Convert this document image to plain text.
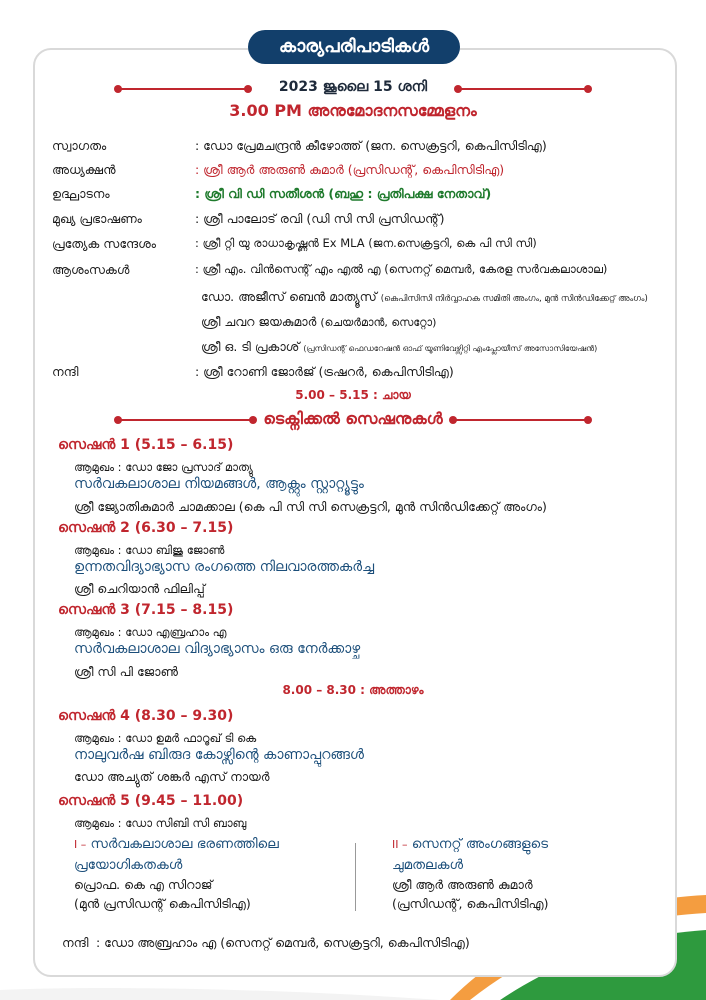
കാര്യപരിപാടികൾ
2023 ജൂലൈ 15 ശനി
3.00 PM അനുമോദനസമ്മേളനം
സ്വാഗതം	: ഡോ പ്രേമചന്ദ്രൻ കീഴോത്ത് (ജന. സെക്രട്ടറി, കെപിസിടിഎ)
അധ്യക്ഷൻ	: ശ്രീ ആർ അരുൺ കുമാർ (പ്രസിഡന്റ്, കെപിസിടിഎ)
ഉദ്ഘാടനം	: ശ്രീ വി ഡി സതീശൻ (ബഹു : പ്രതിപക്ഷ നേതാവ്)
മുഖ്യ പ്രഭാഷണം	: ശ്രീ പാലോട് രവി (ഡി സി സി പ്രസിഡന്റ്)
പ്രത്യേക സന്ദേശം	: ശ്രീ റ്റി യു രാധാകൃഷ്ണൻ Ex MLA (ജന.സെക്രട്ടറി, കെ പി സി സി)
ആശംസകൾ	: ശ്രീ എം. വിൻസെന്റ് എം എൽ എ (സെനറ്റ് മെമ്പർ, കേരള സർവകലാശാല)
ഡോ. അജീസ് ബെൻ മാത്യൂസ് (കെപിസിസി നിർവ്വാഹക സമിതി അംഗം, മുൻ സിൻഡിക്കേറ്റ് അംഗം)
ശ്രീ ചവറ ജയകുമാർ (ചെയർമാൻ, സെറ്റോ)
ശ്രീ ഒ. ടി പ്രകാശ് (പ്രസിഡന്റ് ഫെഡറേഷൻ ഓഫ് യൂണിവേഴ്സിറ്റി എംപ്ലോയീസ് അസോസിയേഷൻ)
നന്ദി	: ശ്രീ റോണി ജോർജ് (ട്രഷറർ, കെപിസിടിഎ)
5.00 – 5.15 : ചായ
ടെക്നിക്കൽ സെഷനുകൾ
സെഷൻ 1 (5.15 – 6.15)
ആമുഖം : ഡോ ജോ പ്രസാദ് മാത്യു
സർവകലാശാല നിയമങ്ങൾ, ആക്റ്റും സ്റ്റാറ്റ്യൂട്ടും
ശ്രീ ജ്യോതികുമാർ ചാമക്കാല (കെ പി സി സി സെക്രട്ടറി, മുൻ സിൻഡിക്കേറ്റ് അംഗം)
സെഷൻ 2 (6.30 – 7.15)
ആമുഖം : ഡോ ബിജു ജോൺ
ഉന്നതവിദ്യാഭ്യാസ രംഗത്തെ നിലവാരത്തകർച്ച
ശ്രീ ചെറിയാൻ ഫിലിപ്പ്
സെഷൻ 3 (7.15 – 8.15)
ആമുഖം : ഡോ എബ്രഹാം എ
സർവകലാശാല വിദ്യാഭ്യാസം ഒരു നേർക്കാഴ്ച
ശ്രീ സി പി ജോൺ
8.00 – 8.30 : അത്താഴം
സെഷൻ 4 (8.30 – 9.30)
ആമുഖം : ഡോ ഉമർ ഫാറൂഖ് ടി കെ
നാലുവർഷ ബിരുദ കോഴ്സിന്റെ കാണാപ്പുറങ്ങൾ
ഡോ അച്യുത് ശങ്കർ എസ് നായർ
സെഷൻ 5 (9.45 – 11.00)
ആമുഖം : ഡോ സിബി സി ബാബു
I – സർവകലാശാല ഭരണത്തിലെ
പ്രയോഗികതകൾ
പ്രൊഫ. കെ എ സിറാജ്
(മുൻ പ്രസിഡന്റ് കെപിസിടിഎ)
II – സെനറ്റ് അംഗങ്ങളുടെ
ചുമതലകൾ
ശ്രീ ആർ അരുൺ കുമാർ
(പ്രസിഡന്റ്, കെപിസിടിഎ)
നന്ദി : ഡോ അബ്രഹാം എ (സെനറ്റ് മെമ്പർ, സെക്രട്ടറി, കെപിസിടിഎ)
